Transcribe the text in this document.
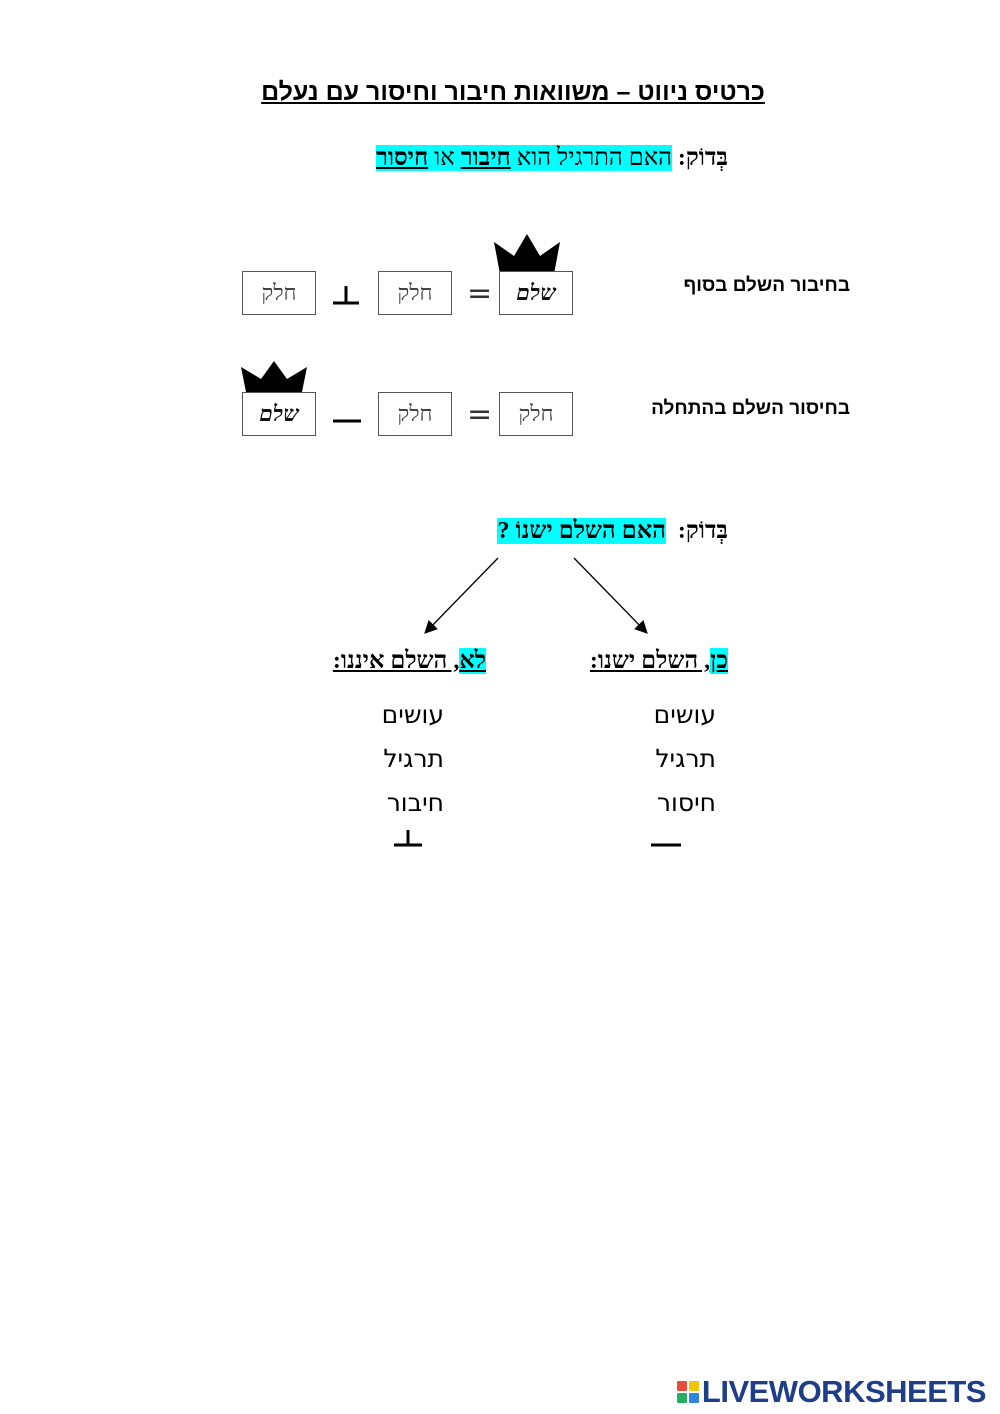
כרטיס ניווט – משוואות חיבור וחיסור עם נעלם
בְּדוֹק: האם התרגיל הוא חיבור או חיסור
בחיבור השלם בסוף
שלם
=
חלק
חלק
בחיסור השלם בהתחלה
חלק
=
חלק
שלם
בְּדוֹק:  האם השלם ישנוֹ ?
כן, השלם ישנו:
עושים
תרגיל
חיסור
לא, השלם איננו:
עושים
תרגיל
חיבור
LIVEWORKSHEETS
